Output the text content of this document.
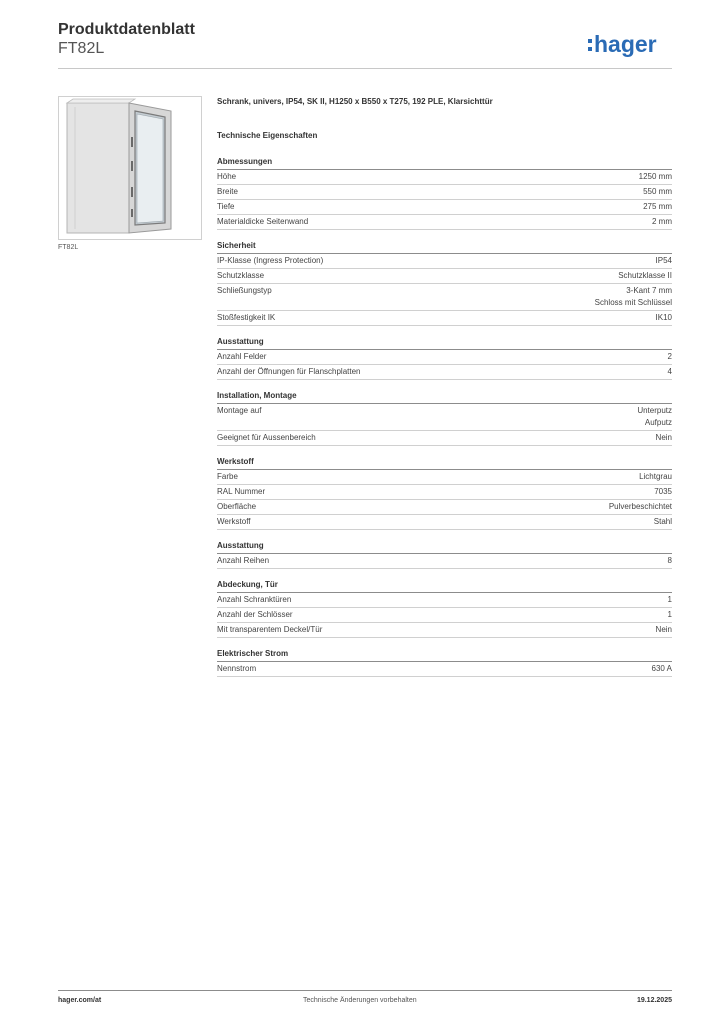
Produktdatenblatt
FT82L	hager
FT82L
Schrank, univers, IP54, SK II, H1250 x B550 x T275, 192 PLE, Klarsichttür
Technische Eigenschaften
Abmessungen
Höhe	1250 mm
Breite	550 mm
Tiefe	275 mm
Materialdicke Seitenwand	2 mm
Sicherheit
IP-Klasse (Ingress Protection)	IP54
Schutzklasse	Schutzklasse II
Schließungstyp	3-Kant 7 mm
Schloss mit Schlüssel
Stoßfestigkeit IK	IK10
Ausstattung
Anzahl Felder	2
Anzahl der Öffnungen für Flanschplatten	4
Installation, Montage
Montage auf	Unterputz
Aufputz
Geeignet für Aussenbereich	Nein
Werkstoff
Farbe	Lichtgrau
RAL Nummer	7035
Oberfläche	Pulverbeschichtet
Werkstoff	Stahl
Ausstattung
Anzahl Reihen	8
Abdeckung, Tür
Anzahl Schranktüren	1
Anzahl der Schlösser	1
Mit transparentem Deckel/Tür	Nein
Elektrischer Strom
Nennstrom	630 A
hager.com/at	Technische Änderungen vorbehalten	19.12.2025
